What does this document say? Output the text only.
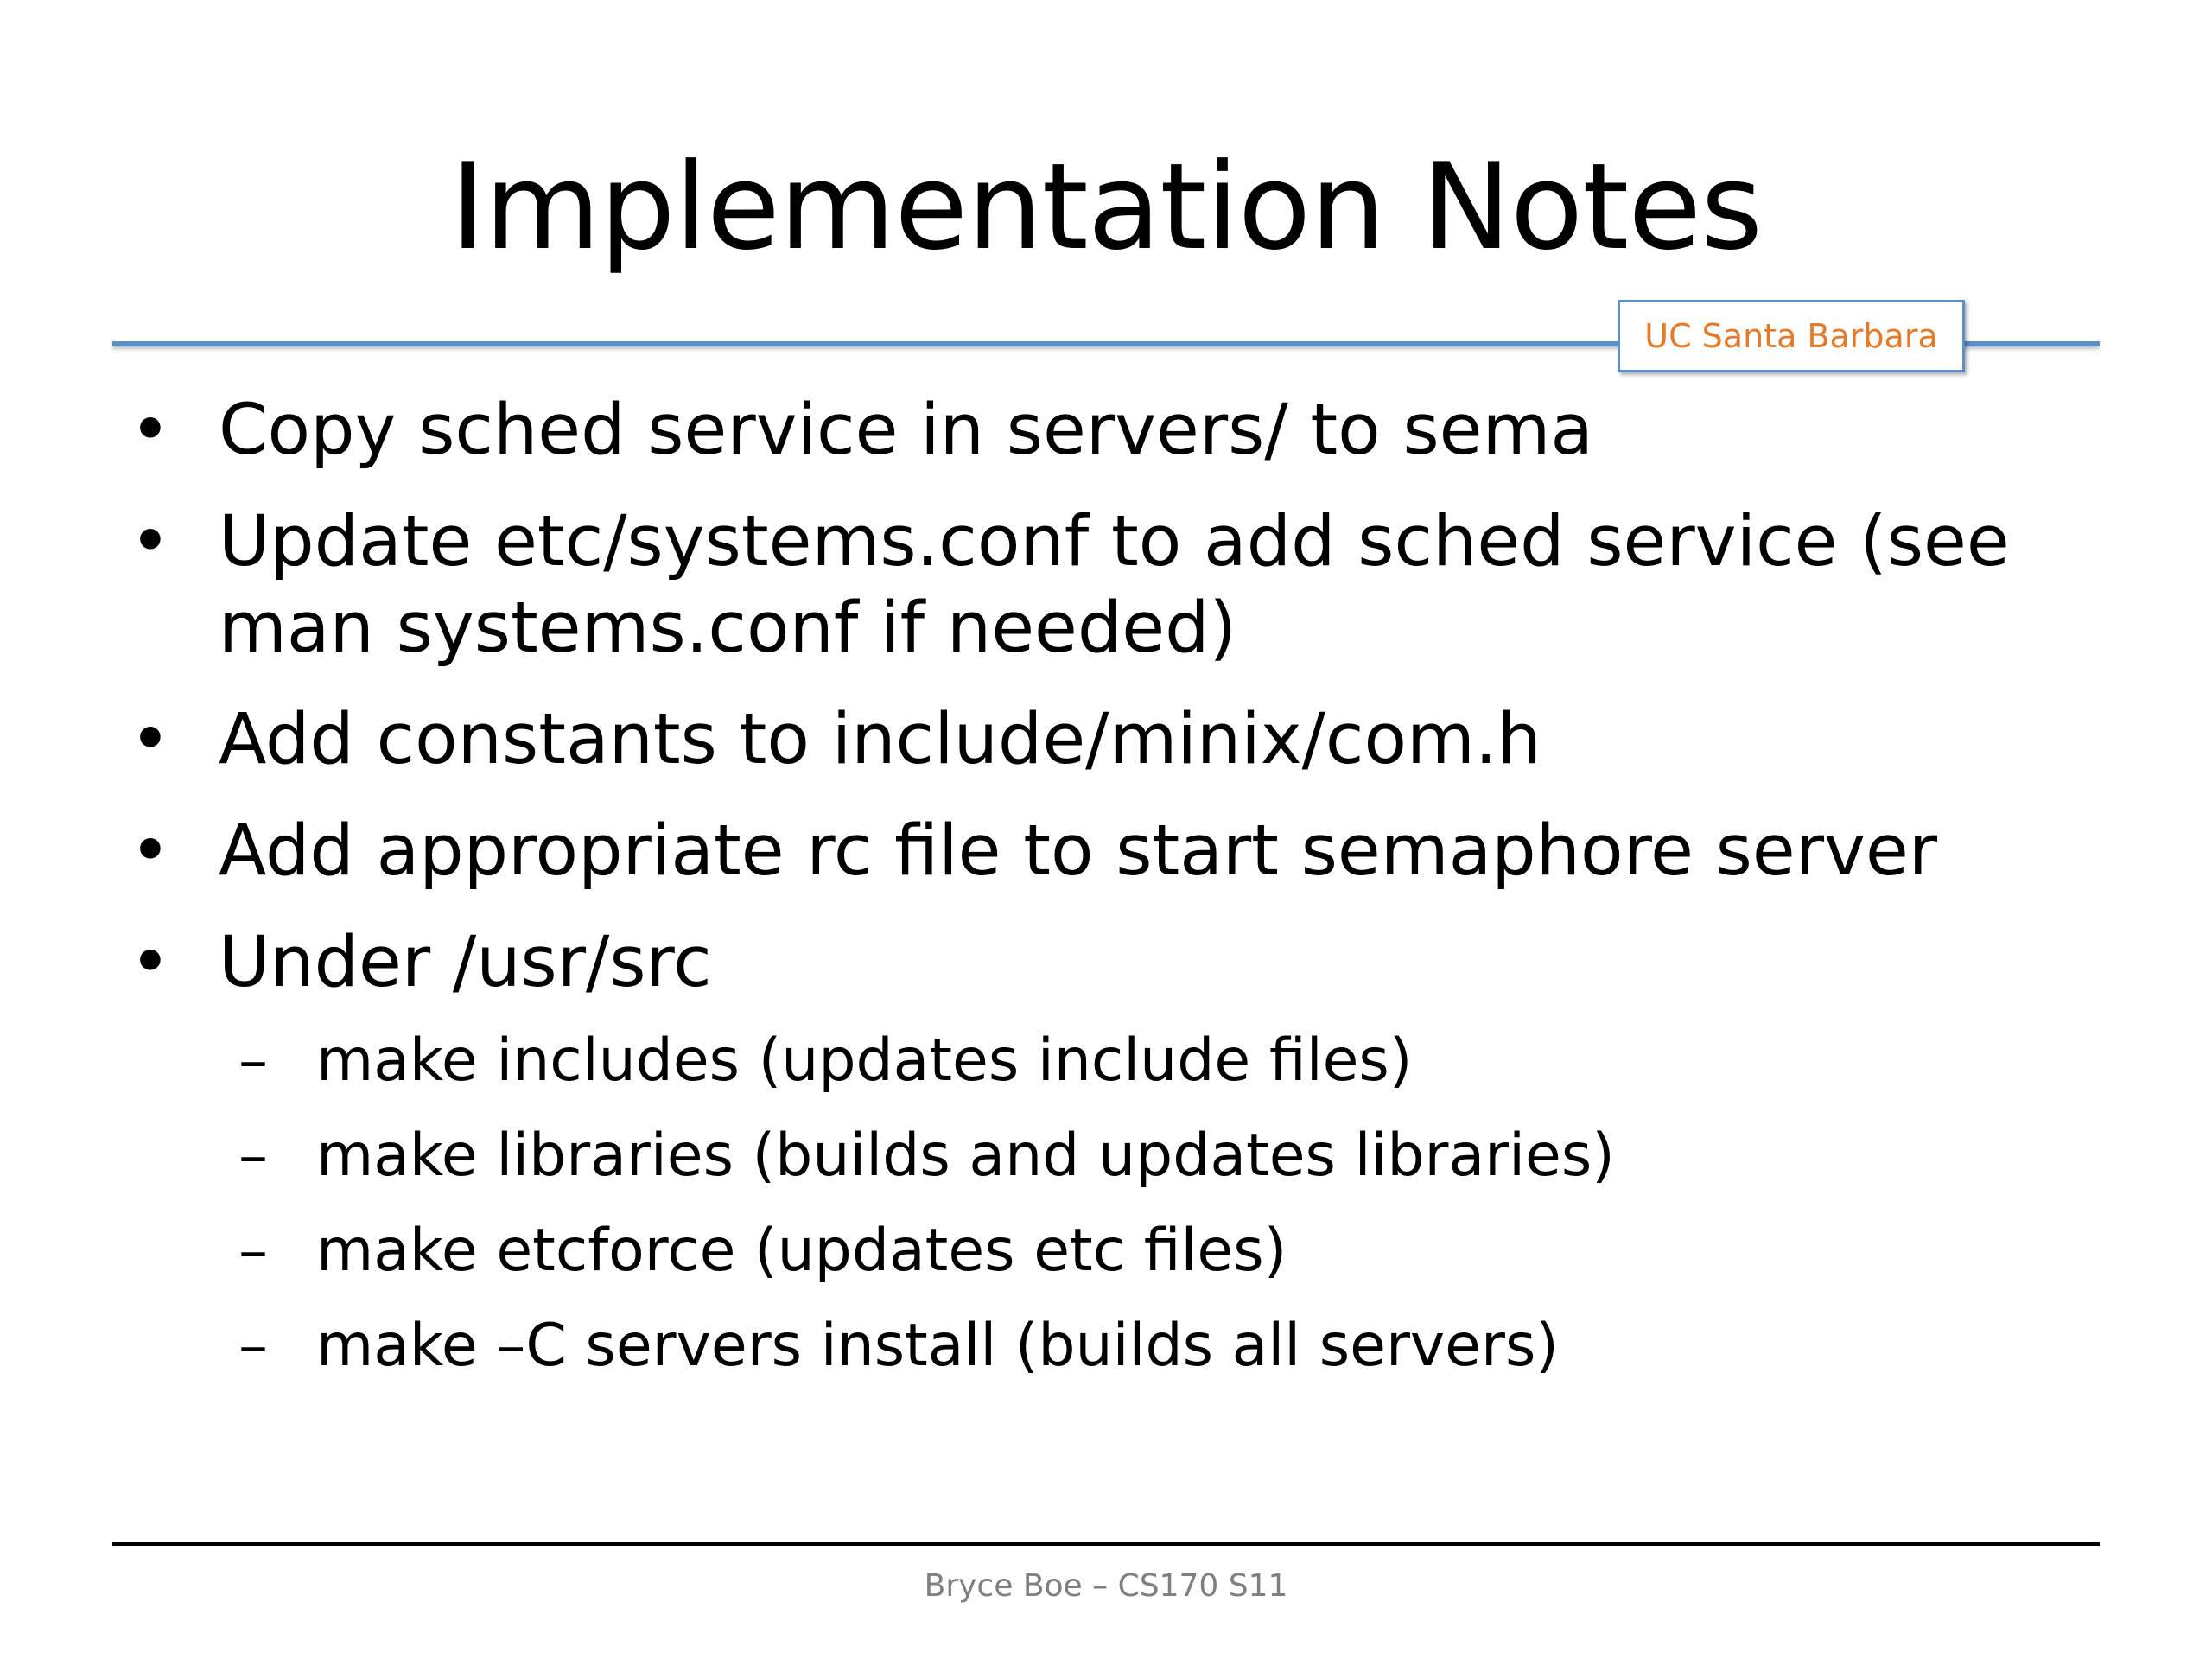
Implementation Notes
UC Santa Barbara
• Copy sched service in servers/ to sema
• Update etc/systems.conf to add sched service (see man systems.conf if needed)
• Add constants to include/minix/com.h
• Add appropriate rc file to start semaphore server
• Under /usr/src
– make includes (updates include files)
– make libraries (builds and updates libraries)
– make etcforce (updates etc files)
– make –C servers install (builds all servers)
Bryce Boe – CS170 S11
